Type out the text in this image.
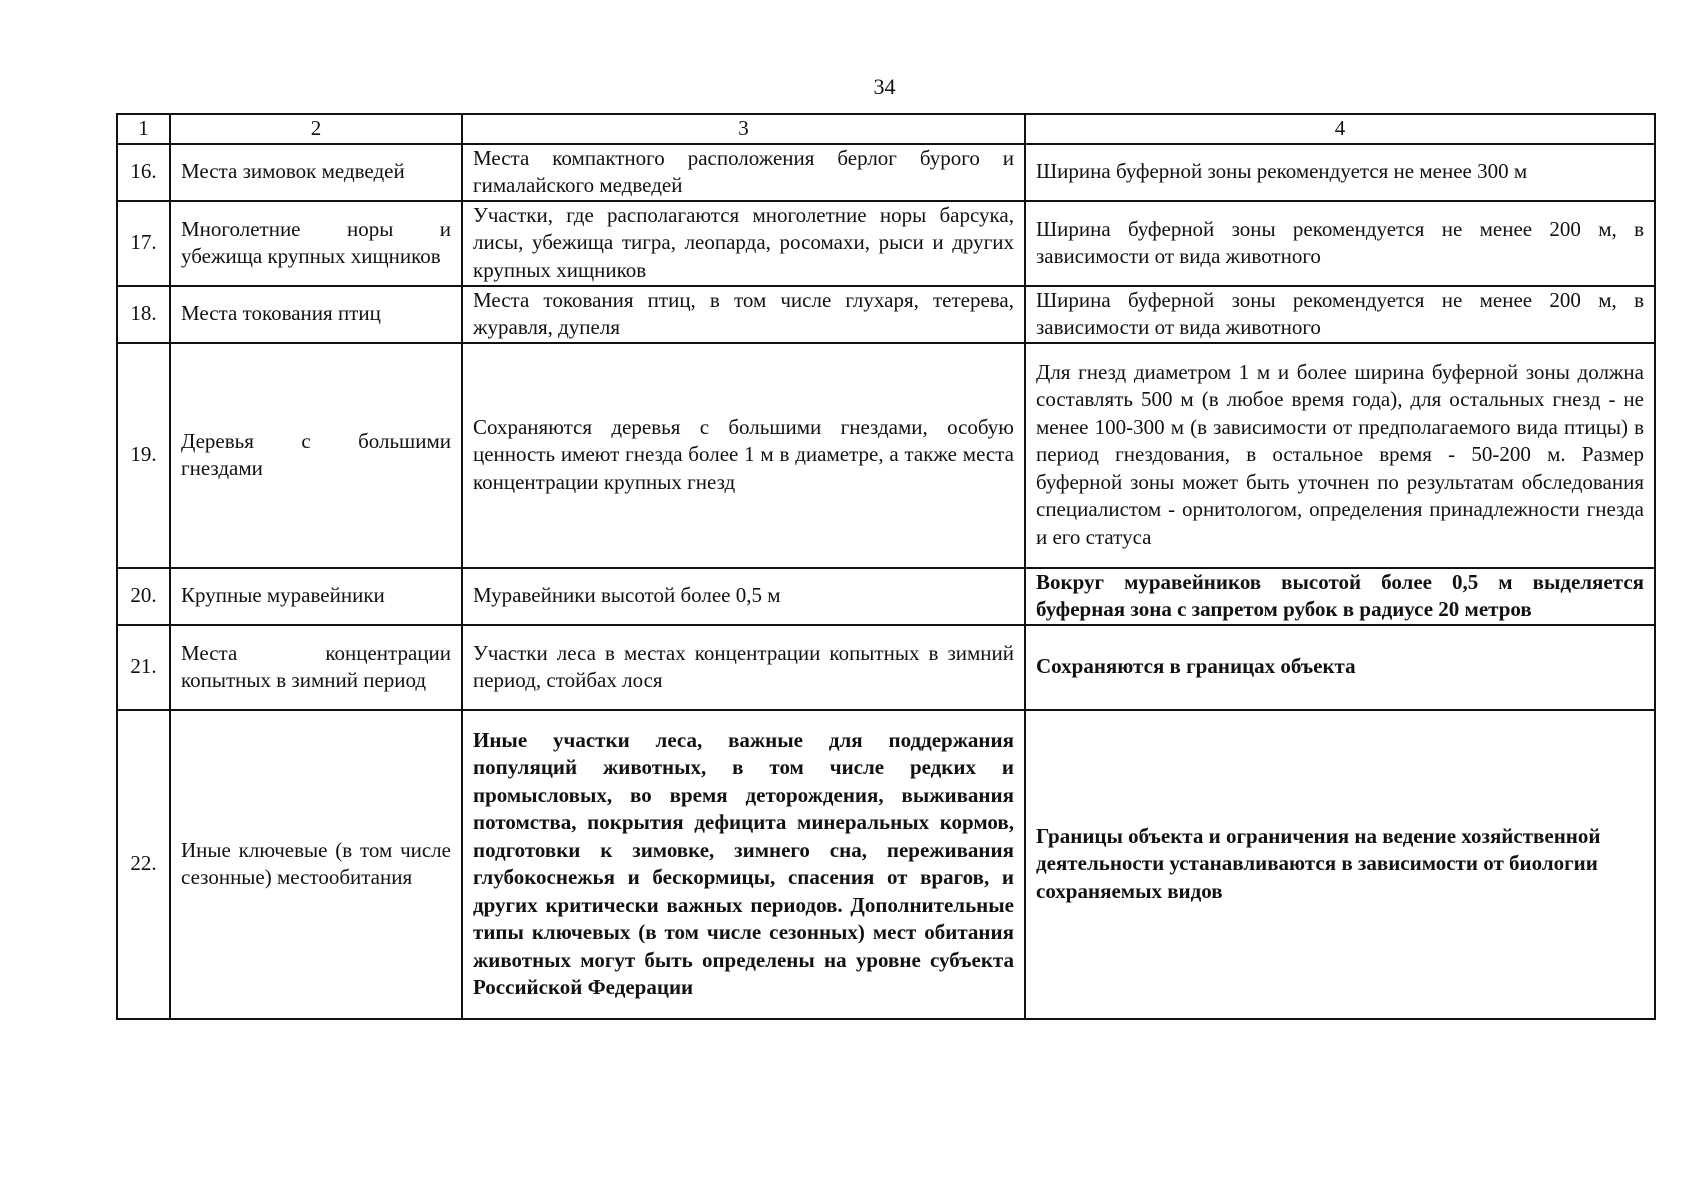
34
1	2	3	4
16.	Места зимовок медведей	Места компактного расположения берлог бурого и гималайского медведей	Ширина буферной зоны рекомендуется не менее 300 м
17.	Многолетние норы и убежища крупных хищников	Участки, где располагаются многолетние норы барсука, лисы, убежища тигра, леопарда, росомахи, рыси и других крупных хищников	Ширина буферной зоны рекомендуется не менее 200 м, в зависимости от вида животного
18.	Места токования птиц	Места токования птиц, в том числе глухаря, тетерева, журавля, дупеля	Ширина буферной зоны рекомендуется не менее 200 м, в зависимости от вида животного
19.	Деревья с большими гнездами	Сохраняются деревья с большими гнездами, особую ценность имеют гнезда более 1 м в диаметре, а также места концентрации крупных гнезд	Для гнезд диаметром 1 м и более ширина буферной зоны должна составлять 500 м (в любое время года), для остальных гнезд - не менее 100-300 м (в зависимости от предполагаемого вида птицы) в период гнездования, в остальное время - 50-200 м. Размер буферной зоны может быть уточнен по результатам обследования специалистом - орнитологом, определения принадлежности гнезда и его статуса
20.	Крупные муравейники	Муравейники высотой более 0,5 м	Вокруг муравейников высотой более 0,5 м выделяется буферная зона с запретом рубок в радиусе 20 метров
21.	Места концентрации копытных в зимний период	Участки леса в местах концентрации копытных в зимний период, стойбах лося	Сохраняются в границах объекта
22.	Иные ключевые (в том числе сезонные) местообитания	Иные участки леса, важные для поддержания популяций животных, в том числе редких и промысловых, во время деторождения, выживания потомства, покрытия дефицита минеральных кормов, подготовки к зимовке, зимнего сна, переживания глубокоснежья и бескормицы, спасения от врагов, и других критически важных периодов. Дополнительные типы ключевых (в том числе сезонных) мест обитания животных могут быть определены на уровне субъекта Российской Федерации	Границы объекта и ограничения на ведение хозяйственной деятельности устанавливаются в зависимости от биологии сохраняемых видов
